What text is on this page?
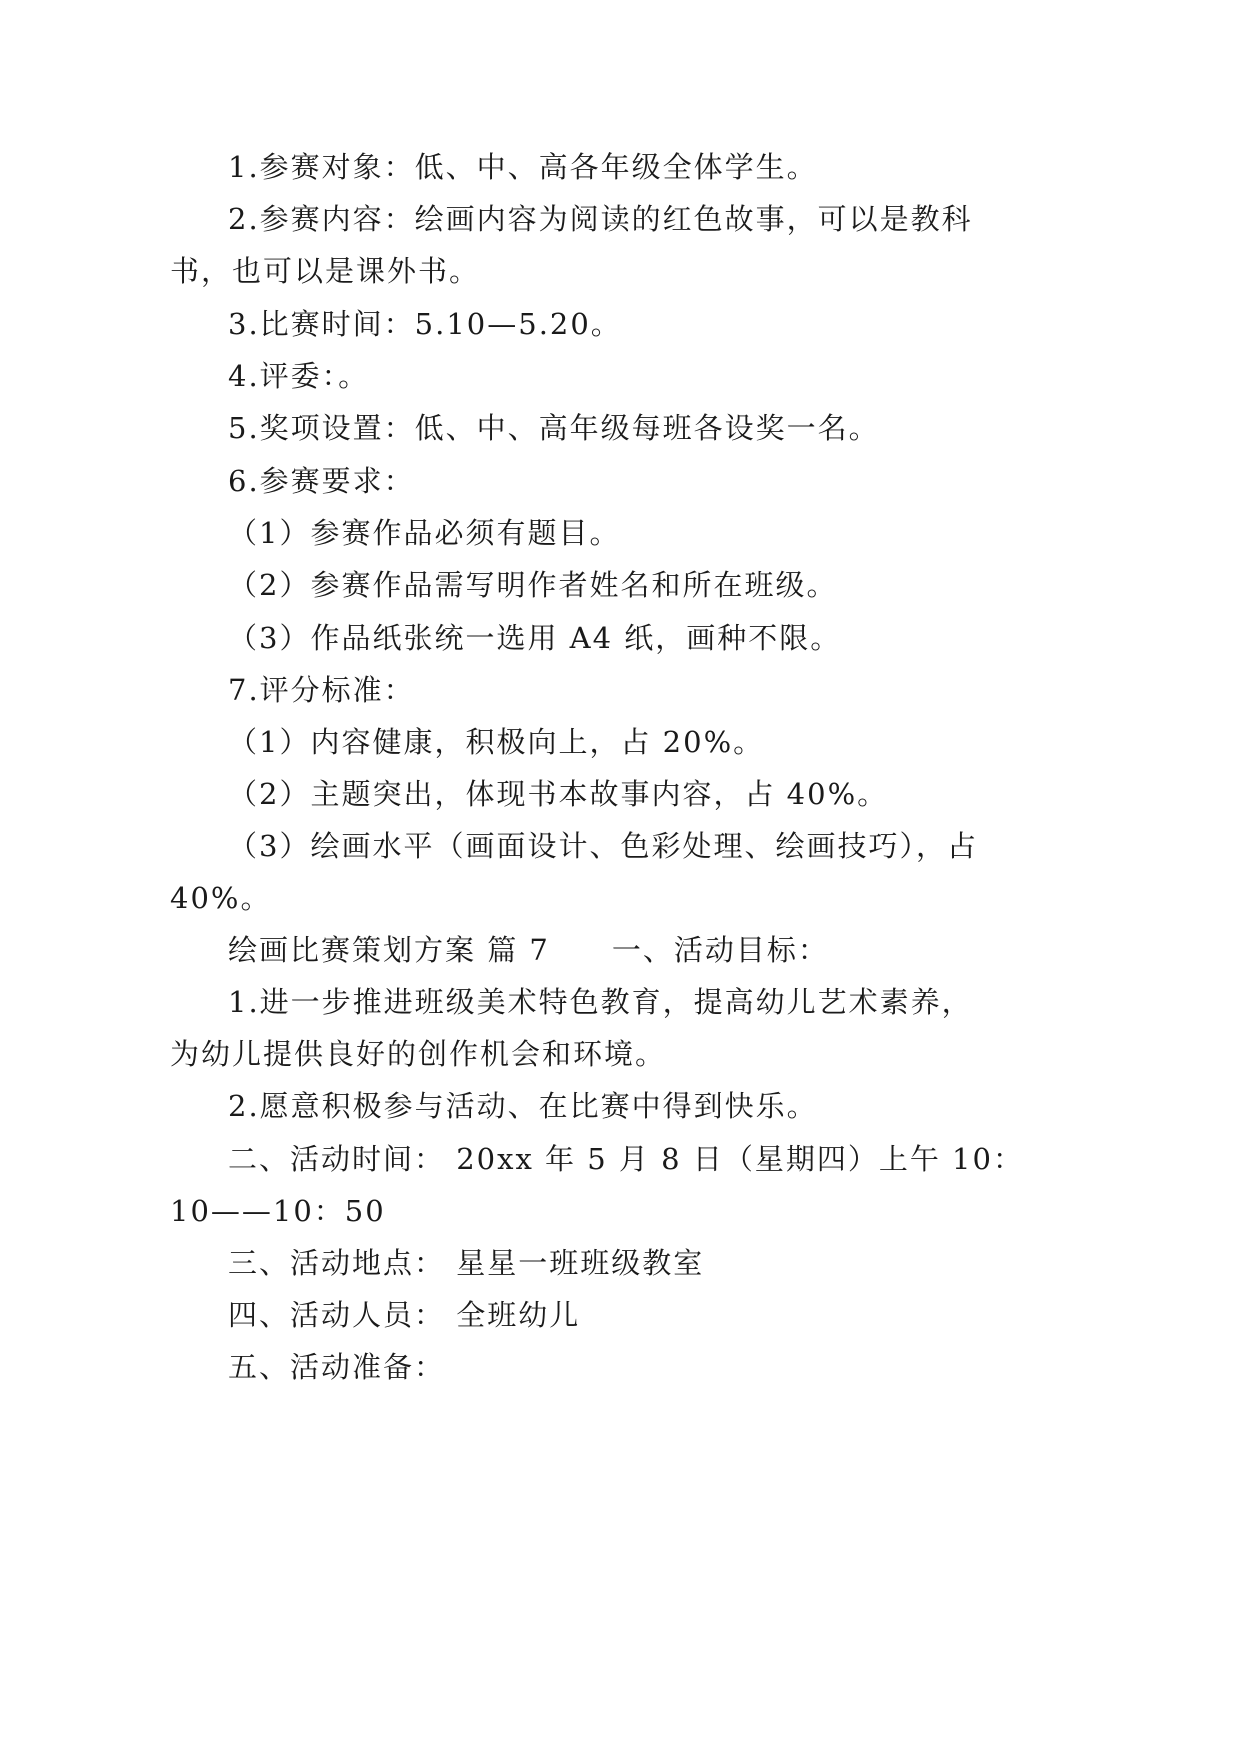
1.参赛对象：低、中、高各年级全体学生。
2.参赛内容：绘画内容为阅读的红色故事，可以是教科
书，也可以是课外书。
3.比赛时间：5.10—5.20。
4.评委：。
5.奖项设置：低、中、高年级每班各设奖一名。
6.参赛要求：
（1）参赛作品必须有题目。
（2）参赛作品需写明作者姓名和所在班级。
（3）作品纸张统一选用 A4 纸，画种不限。
7.评分标准：
（1）内容健康，积极向上，占 20%。
（2）主题突出，体现书本故事内容，占 40%。
（3）绘画水平（画面设计、色彩处理、绘画技巧），占
40%。
绘画比赛策划方案 篇 7　　一、活动目标：
1.进一步推进班级美术特色教育，提高幼儿艺术素养，
为幼儿提供良好的创作机会和环境。
2.愿意积极参与活动、在比赛中得到快乐。
二、活动时间： 20xx 年 5 月 8 日（星期四）上午 10：
10——10：50
三、活动地点： 星星一班班级教室
四、活动人员： 全班幼儿
五、活动准备：
